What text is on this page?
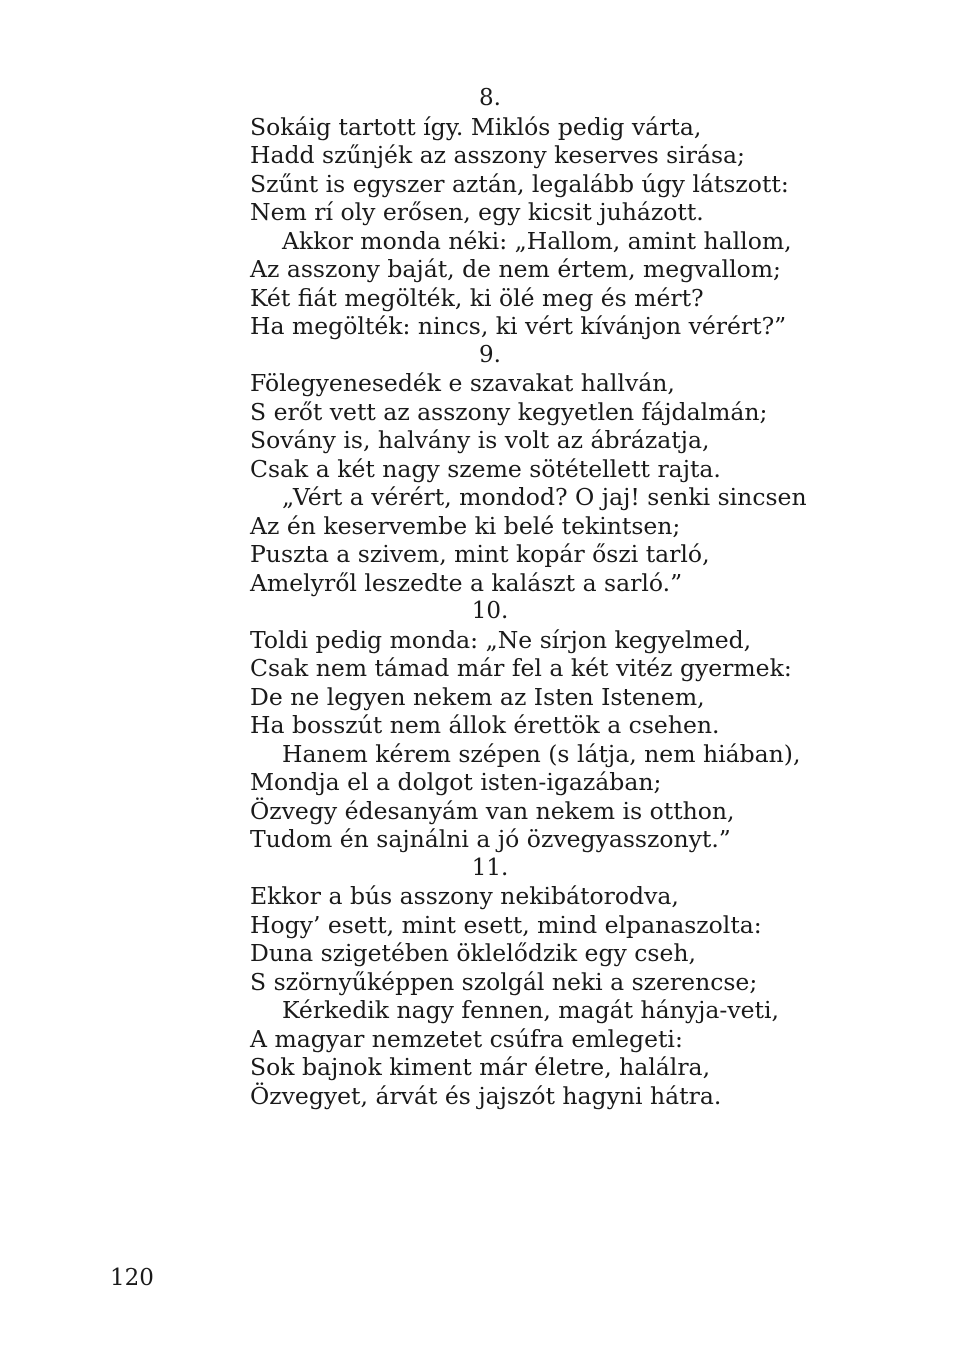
8.

Sokáig tartott így. Miklós pedig várta,

Hadd szűnjék az asszony keserves sirása;

Szűnt is egyszer aztán, legalább úgy látszott:

Nem rí oly erősen, egy kicsit juházott.

Akkor monda néki: „Hallom, amint hallom,

Az asszony baját, de nem értem, megvallom;

Két fiát megölték, ki ölé meg és mért?

Ha megölték: nincs, ki vért kívánjon vérért?”

9.

Fölegyenesedék e szavakat hallván,

S erőt vett az asszony kegyetlen fájdalmán;

Sovány is, halvány is volt az ábrázatja,

Csak a két nagy szeme sötétellett rajta.

„Vért a vérért, mondod? O jaj! senki sincsen

Az én keservembe ki belé tekintsen;

Puszta a szivem, mint kopár őszi tarló,

Amelyről leszedte a kalászt a sarló.”

10.

Toldi pedig monda: „Ne sírjon kegyelmed,

Csak nem támad már fel a két vitéz gyermek:

De ne legyen nekem az Isten Istenem,

Ha bosszút nem állok érettök a csehen.

Hanem kérem szépen (s látja, nem hiában),

Mondja el a dolgot isten-igazában;

Özvegy édesanyám van nekem is otthon,

Tudom én sajnálni a jó özvegyasszonyt.”

11.

Ekkor a bús asszony nekibátorodva,

Hogy’ esett, mint esett, mind elpanaszolta:

Duna szigetében öklelődzik egy cseh,

S szörnyűképpen szolgál neki a szerencse;

Kérkedik nagy fennen, magát hányja-veti,

A magyar nemzetet csúfra emlegeti:

Sok bajnok kiment már életre, halálra,

Özvegyet, árvát és jajszót hagyni hátra.

120
